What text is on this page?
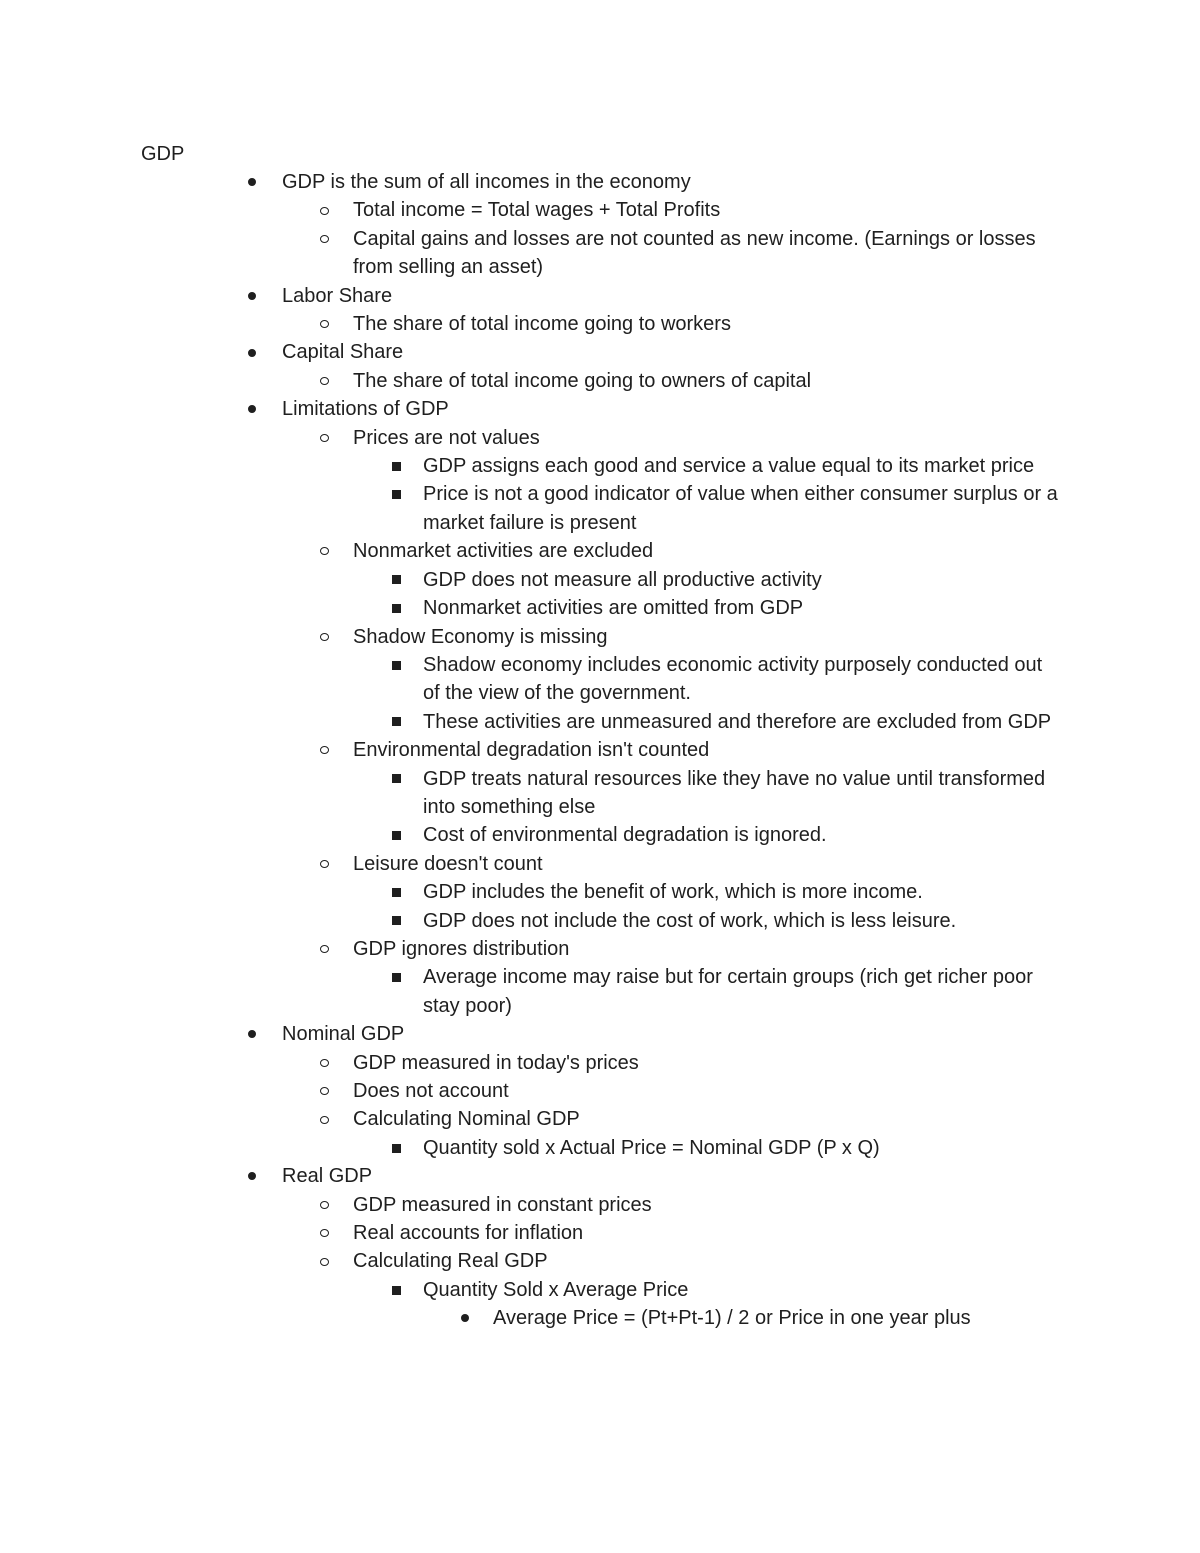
GDP
GDP is the sum of all incomes in the economy
Total income = Total wages + Total Profits
Capital gains and losses are not counted as new income. (Earnings or losses from selling an asset)
Labor Share
The share of total income going to workers
Capital Share
The share of total income going to owners of capital
Limitations of GDP
Prices are not values
GDP assigns each good and service a value equal to its market price
Price is not a good indicator of value when either consumer surplus or a market failure is present
Nonmarket activities are excluded
GDP does not measure all productive activity
Nonmarket activities are omitted from GDP
Shadow Economy is missing
Shadow economy includes economic activity purposely conducted out of the view of the government.
These activities are unmeasured and therefore are excluded from GDP
Environmental degradation isn't counted
GDP treats natural resources like they have no value until transformed into something else
Cost of environmental degradation is ignored.
Leisure doesn't count
GDP includes the benefit of work, which is more income.
GDP does not include the cost of work, which is less leisure.
GDP ignores distribution
Average income may raise but for certain groups (rich get richer poor stay poor)
Nominal GDP
GDP measured in today's prices
Does not account
Calculating Nominal GDP
Quantity sold x Actual Price = Nominal GDP (P x Q)
Real GDP
GDP measured in constant prices
Real accounts for inflation
Calculating Real GDP
Quantity Sold x Average Price
Average Price = (Pt+Pt-1) / 2 or Price in one year plus
